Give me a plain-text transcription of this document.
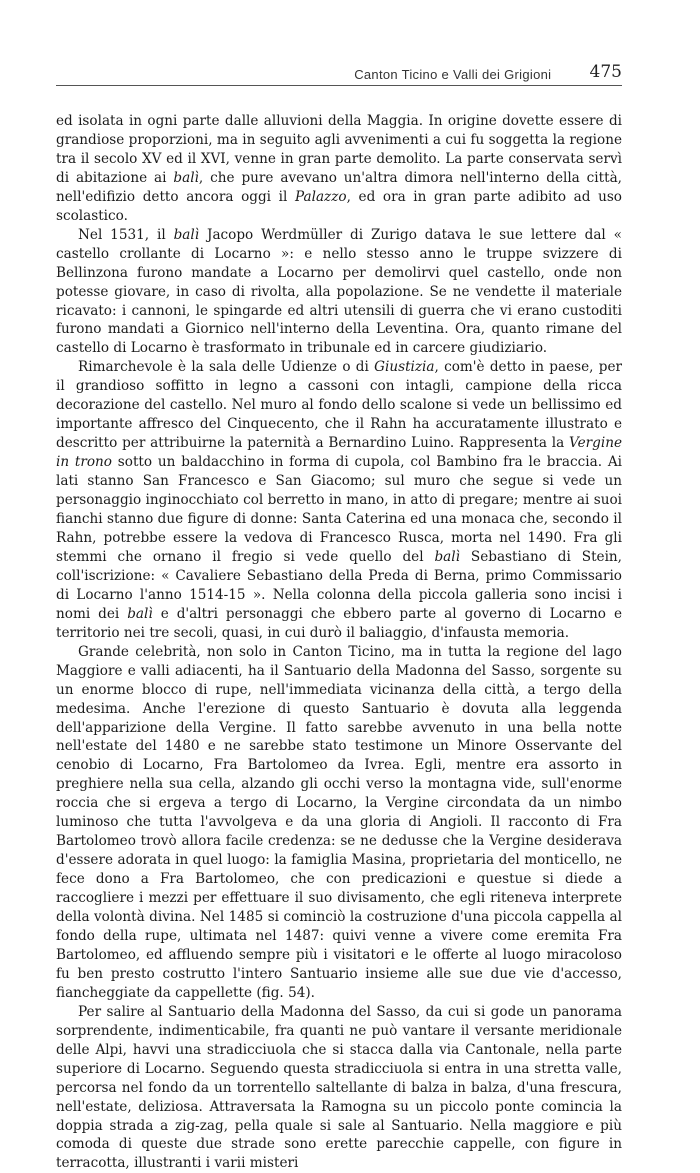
Canton Ticino e Valli dei Grigioni	475

ed isolata in ogni parte dalle alluvioni della Maggia. In origine dovette essere di grandiose proporzioni, ma in seguito agli avvenimenti a cui fu soggetta la regione tra il secolo XV ed il XVI, venne in gran parte demolito. La parte conservata servì di abitazione ai balì, che pure avevano un'altra dimora nell'interno della città, nell'edifizio detto ancora oggi il Palazzo, ed ora in gran parte adibito ad uso scolastico.

Nel 1531, il balì Jacopo Werdmüller di Zurigo datava le sue lettere dal « castello crollante di Locarno »: e nello stesso anno le truppe svizzere di Bellinzona furono mandate a Locarno per demolirvi quel castello, onde non potesse giovare, in caso di rivolta, alla popolazione. Se ne vendette il materiale ricavato: i cannoni, le spingarde ed altri utensili di guerra che vi erano custoditi furono mandati a Giornico nell'interno della Leventina. Ora, quanto rimane del castello di Locarno è trasformato in tribunale ed in carcere giudiziario.

Rimarchevole è la sala delle Udienze o di Giustizia, com'è detto in paese, per il grandioso soffitto in legno a cassoni con intagli, campione della ricca decorazione del castello. Nel muro al fondo dello scalone si vede un bellissimo ed importante affresco del Cinquecento, che il Rahn ha accuratamente illustrato e descritto per attribuirne la paternità a Bernardino Luino. Rappresenta la Vergine in trono sotto un baldacchino in forma di cupola, col Bambino fra le braccia. Ai lati stanno San Francesco e San Giacomo; sul muro che segue si vede un personaggio inginocchiato col berretto in mano, in atto di pregare; mentre ai suoi fianchi stanno due figure di donne: Santa Caterina ed una monaca che, secondo il Rahn, potrebbe essere la vedova di Francesco Rusca, morta nel 1490. Fra gli stemmi che ornano il fregio si vede quello del balì Sebastiano di Stein, coll'iscrizione: « Cavaliere Sebastiano della Preda di Berna, primo Commissario di Locarno l'anno 1514-15 ». Nella colonna della piccola galleria sono incisi i nomi dei balì e d'altri personaggi che ebbero parte al governo di Locarno e territorio nei tre secoli, quasi, in cui durò il baliaggio, d'infausta memoria.

Grande celebrità, non solo in Canton Ticino, ma in tutta la regione del lago Maggiore e valli adiacenti, ha il Santuario della Madonna del Sasso, sorgente su un enorme blocco di rupe, nell'immediata vicinanza della città, a tergo della medesima. Anche l'erezione di questo Santuario è dovuta alla leggenda dell'apparizione della Vergine. Il fatto sarebbe avvenuto in una bella notte nell'estate del 1480 e ne sarebbe stato testimone un Minore Osservante del cenobio di Locarno, Fra Bartolomeo da Ivrea. Egli, mentre era assorto in preghiere nella sua cella, alzando gli occhi verso la montagna vide, sull'enorme roccia che si ergeva a tergo di Locarno, la Vergine circondata da un nimbo luminoso che tutta l'avvolgeva e da una gloria di Angioli. Il racconto di Fra Bartolomeo trovò allora facile credenza: se ne dedusse che la Vergine desiderava d'essere adorata in quel luogo: la famiglia Masina, proprietaria del monticello, ne fece dono a Fra Bartolomeo, che con predicazioni e questue si diede a raccogliere i mezzi per effettuare il suo divisamento, che egli riteneva interprete della volontà divina. Nel 1485 si cominciò la costruzione d'una piccola cappella al fondo della rupe, ultimata nel 1487: quivi venne a vivere come eremita Fra Bartolomeo, ed affluendo sempre più i visitatori e le offerte al luogo miracoloso fu ben presto costrutto l'intero Santuario insieme alle sue due vie d'accesso, fiancheggiate da cappellette (fig. 54).

Per salire al Santuario della Madonna del Sasso, da cui si gode un panorama sorprendente, indimenticabile, fra quanti ne può vantare il versante meridionale delle Alpi, havvi una stradicciuola che si stacca dalla via Cantonale, nella parte superiore di Locarno. Seguendo questa stradicciuola si entra in una stretta valle, percorsa nel fondo da un torrentello saltellante di balza in balza, d'una frescura, nell'estate, deliziosa. Attraversata la Ramogna su un piccolo ponte comincia la doppia strada a zig-zag, pella quale si sale al Santuario. Nella maggiore e più comoda di queste due strade sono erette parecchie cappelle, con figure in terracotta, illustranti i varii misteri
